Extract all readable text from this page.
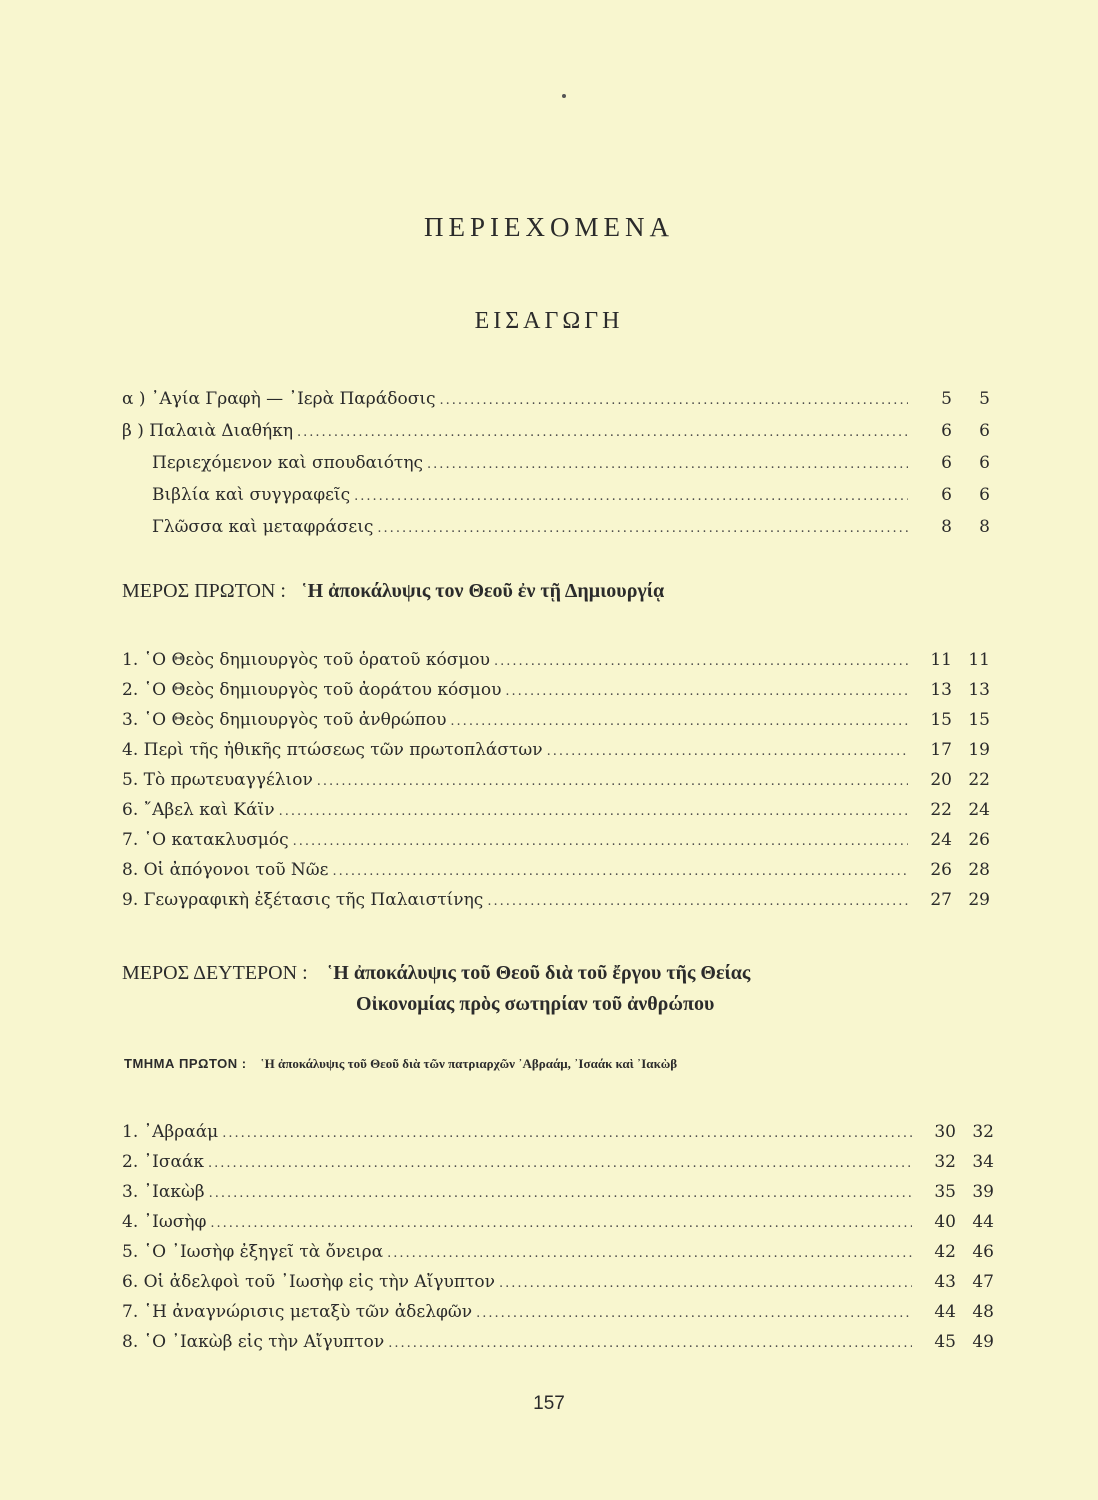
ΠΕΡΙΕΧΟΜΕΝΑ
ΕΙΣΑΓΩΓΗ
α ) ᾽Αγία Γραφὴ — ᾽Ιερὰ Παράδοσις .....	5	5
β ) Παλαιὰ Διαθήκη .....	6	6
Περιεχόμενον καὶ σπουδαιότης .....	6	6
Βιβλία καὶ συγγραφεῖς .....	6	6
Γλῶσσα καὶ μεταφράσεις .....	8	8
ΜΕΡΟΣ ΠΡΩΤΟΝ : ῾Η ἀποκάλυψις τον Θεοῦ ἐν τῇ Δημιουργίᾳ
1. ῾Ο Θεὸς δημιουργὸς τοῦ ὁρατοῦ κόσμου .....	11 11
2. ῾Ο Θεὸς δημιουργὸς τοῦ ἀοράτου κόσμου .....	13 13
3. ῾Ο Θεὸς δημιουργὸς τοῦ ἀνθρώπου .....	15 15
4. Περὶ τῆς ἠθικῆς πτώσεως τῶν πρωτοπλάστων .....	17 19
5. Τὸ πρωτευαγγέλιον .....	20 22
6. ῎Αβελ καὶ Κάϊν .....	22 24
7. ῾Ο κατακλυσμός .....	24 26
8. Οἱ ἀπόγονοι τοῦ Νῶε .....	26 28
9. Γεωγραφικὴ ἐξέτασις τῆς Παλαιστίνης .....	27 29
ΜΕΡΟΣ ΔΕΥΤΕΡΟΝ : ῾Η ἀποκάλυψις τοῦ Θεοῦ διὰ τοῦ ἔργου τῆς Θείας
Οἰκονομίας πρὸς σωτηρίαν τοῦ ἀνθρώπου
ΤΜΗΜΑ ΠΡΩΤΟΝ : ῾Η ἀποκάλυψις τοῦ Θεοῦ διὰ τῶν πατριαρχῶν ᾽Αβραάμ, ᾽Ισαάκ καὶ ᾽Ιακὼβ
1. ᾽Αβραάμ .....	30 32
2. ᾽Ισαάκ .....	32 34
3. ᾽Ιακὼβ .....	35 39
4. ᾽Ιωσὴφ .....	40 44
5. ῾Ο ᾽Ιωσὴφ ἐξηγεῖ τὰ ὄνειρα .....	42 46
6. Οἱ ἀδελφοὶ τοῦ ᾽Ιωσὴφ εἰς τὴν Αἴγυπτον .....	43 47
7. ῾Η ἀναγνώρισις μεταξὺ τῶν ἀδελφῶν .....	44 48
8. ῾Ο ᾽Ιακὼβ εἰς τὴν Αἴγυπτον .....	45 49
157
